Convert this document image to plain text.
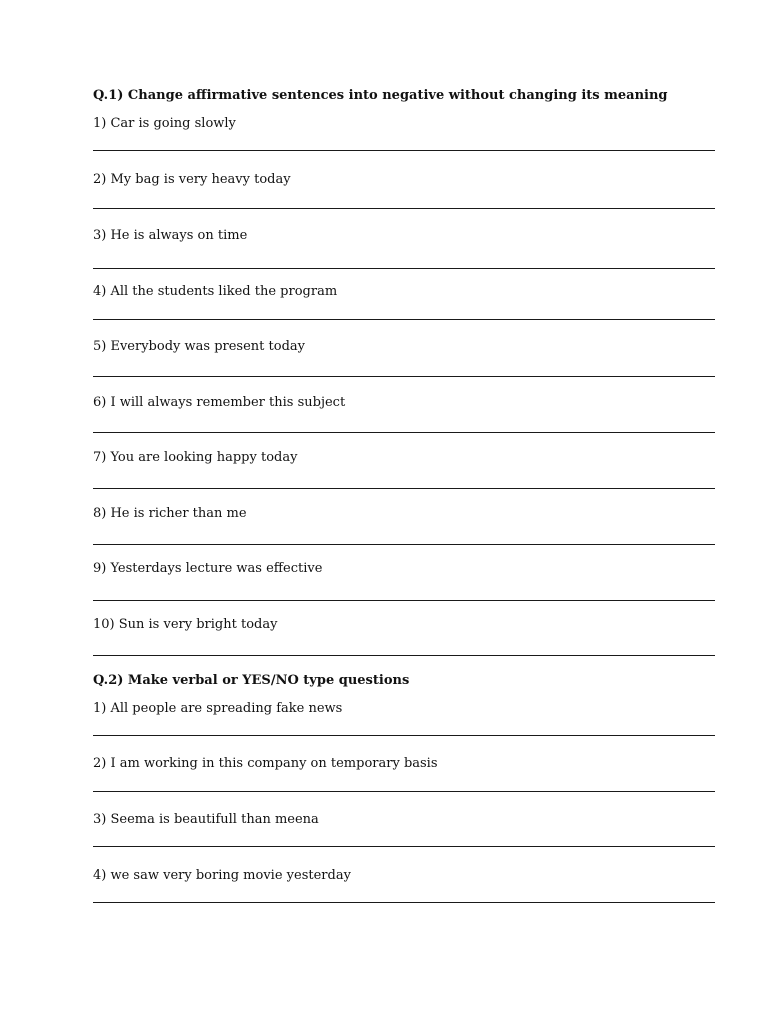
Q.1) Change affirmative sentences into negative without changing its meaning
1) Car is going slowly
2) My bag is very heavy today
3) He is always on time
4) All the students liked the program
5) Everybody was present today
6) I will always remember this subject
7) You are looking happy today
8) He is richer than me
9) Yesterdays lecture was effective
10) Sun is very bright today
Q.2) Make verbal or YES/NO type questions
1) All people are spreading fake news
2) I am working in this company on temporary basis
3) Seema is beautifull than meena
4) we saw very boring movie yesterday
